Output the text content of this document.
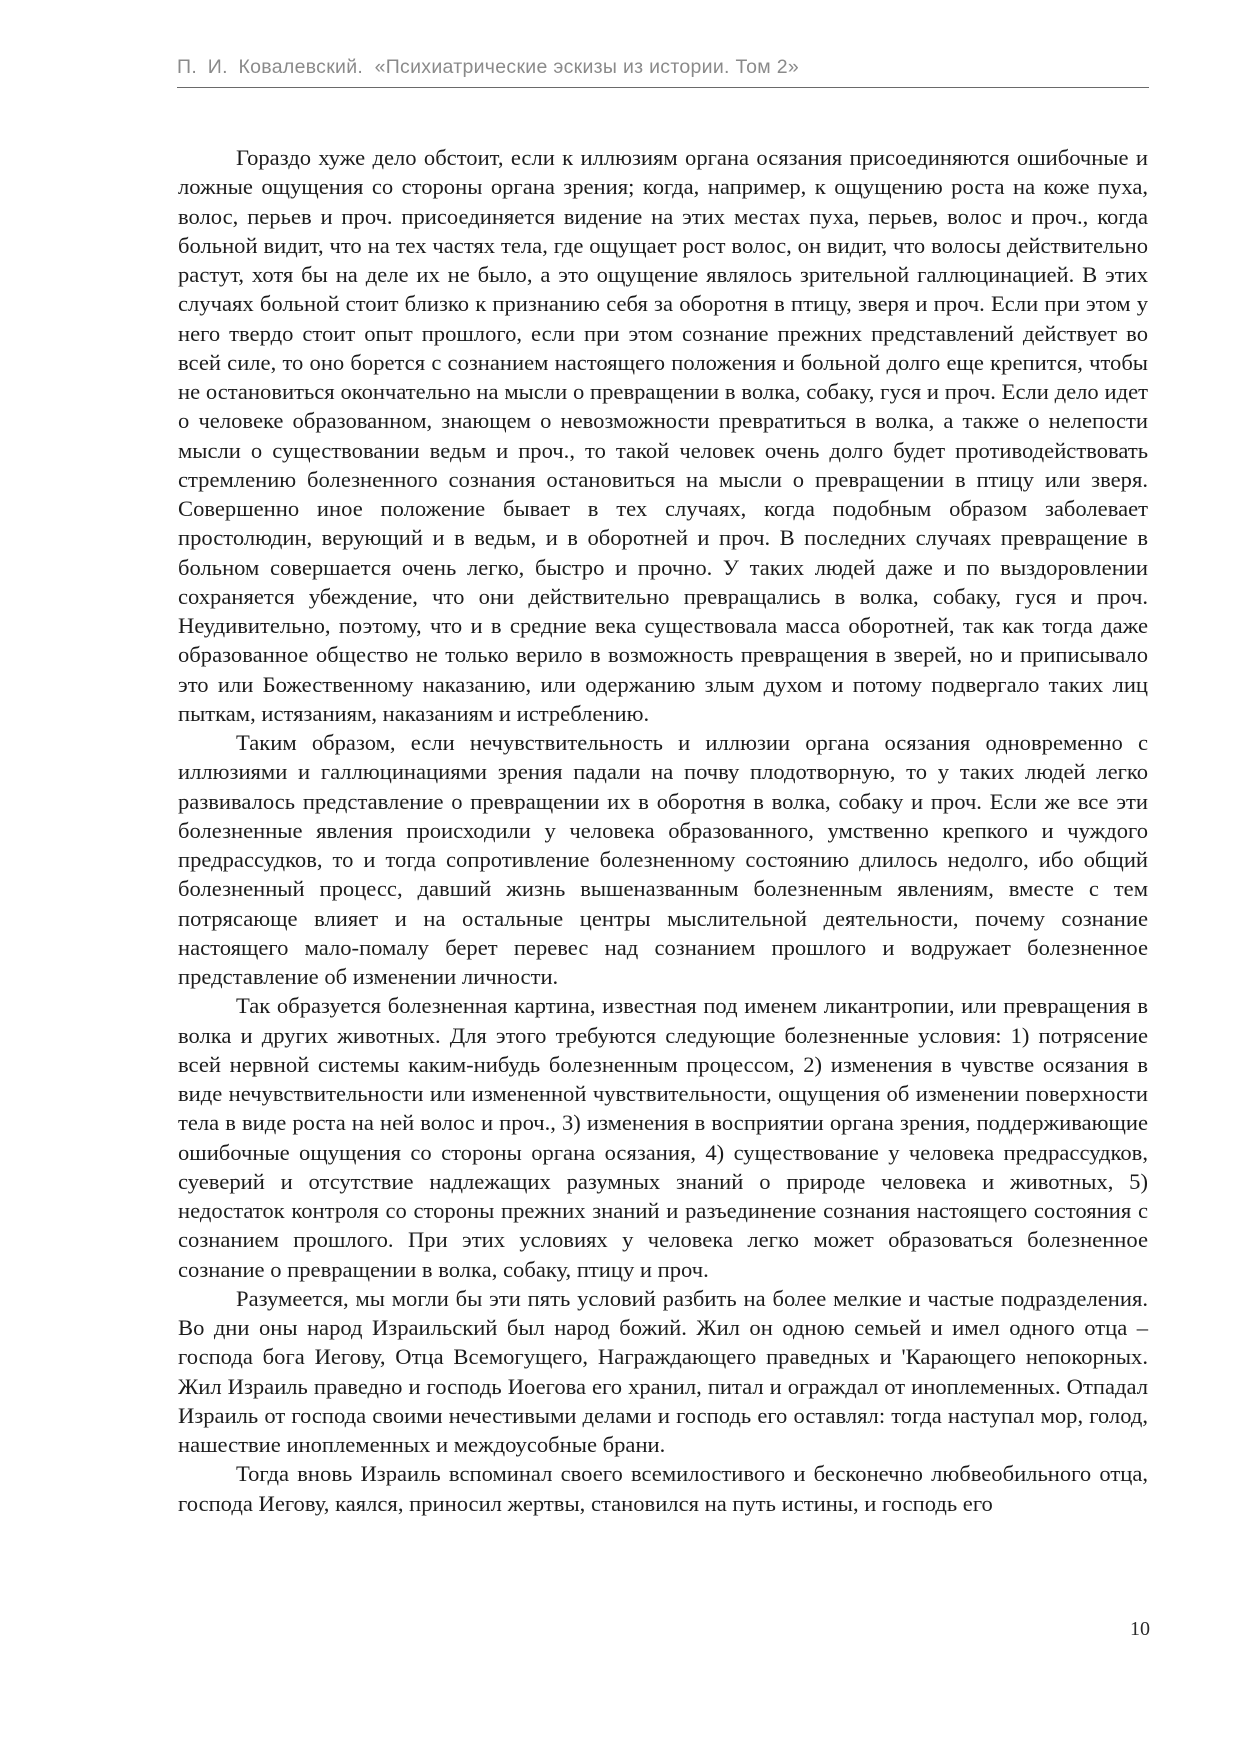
П. И. Ковалевский. «Психиатрические эскизы из истории. Том 2»

Гораздо хуже дело обстоит, если к иллюзиям органа осязания присоединяются ошибочные и ложные ощущения со стороны органа зрения; когда, например, к ощущению роста на коже пуха, волос, перьев и проч. присоединяется видение на этих местах пуха, перьев, волос и проч., когда больной видит, что на тех частях тела, где ощущает рост волос, он видит, что волосы действительно растут, хотя бы на деле их не было, а это ощущение являлось зрительной галлюцинацией. В этих случаях больной стоит близко к признанию себя за оборотня в птицу, зверя и проч. Если при этом у него твердо стоит опыт прошлого, если при этом сознание прежних представлений действует во всей силе, то оно борется с сознанием настоящего положения и больной долго еще крепится, чтобы не остановиться окончательно на мысли о превращении в волка, собаку, гуся и проч. Если дело идет о человеке образованном, знающем о невозможности превратиться в волка, а также о нелепости мысли о существовании ведьм и проч., то такой человек очень долго будет противодействовать стремлению болезненного сознания остановиться на мысли о превращении в птицу или зверя. Совершенно иное положение бывает в тех случаях, когда подобным образом заболевает простолюдин, верующий и в ведьм, и в оборотней и проч. В последних случаях превращение в больном совершается очень легко, быстро и прочно. У таких людей даже и по выздоровлении сохраняется убеждение, что они действительно превращались в волка, собаку, гуся и проч. Неудивительно, поэтому, что и в средние века существовала масса оборотней, так как тогда даже образованное общество не только верило в возможность превращения в зверей, но и приписывало это или Божественному наказанию, или одержанию злым духом и потому подвергало таких лиц пыткам, истязаниям, наказаниям и истреблению.

Таким образом, если нечувствительность и иллюзии органа осязания одновременно с иллюзиями и галлюцинациями зрения падали на почву плодотворную, то у таких людей легко развивалось представление о превращении их в оборотня в волка, собаку и проч. Если же все эти болезненные явления происходили у человека образованного, умственно крепкого и чуждого предрассудков, то и тогда сопротивление болезненному состоянию длилось недолго, ибо общий болезненный процесс, давший жизнь вышеназванным болезненным явлениям, вместе с тем потрясающе влияет и на остальные центры мыслительной деятельности, почему сознание настоящего мало-помалу берет перевес над сознанием прошлого и водружает болезненное представление об изменении личности.

Так образуется болезненная картина, известная под именем ликантропии, или превращения в волка и других животных. Для этого требуются следующие болезненные условия: 1) потрясение всей нервной системы каким-нибудь болезненным процессом, 2) изменения в чувстве осязания в виде нечувствительности или измененной чувствительности, ощущения об изменении поверхности тела в виде роста на ней волос и проч., 3) изменения в восприятии органа зрения, поддерживающие ошибочные ощущения со стороны органа осязания, 4) существование у человека предрассудков, суеверий и отсутствие надлежащих разумных знаний о природе человека и животных, 5) недостаток контроля со стороны прежних знаний и разъединение сознания настоящего состояния с сознанием прошлого. При этих условиях у человека легко может образоваться болезненное сознание о превращении в волка, собаку, птицу и проч.

Разумеется, мы могли бы эти пять условий разбить на более мелкие и частые подразделения. Во дни оны народ Израильский был народ божий. Жил он одною семьей и имел одного отца – господа бога Иегову, Отца Всемогущего, Награждающего праведных и 'Карающего непокорных. Жил Израиль праведно и господь Иоегова его хранил, питал и ограждал от иноплеменных. Отпадал Израиль от господа своими нечестивыми делами и господь его оставлял: тогда наступал мор, голод, нашествие иноплеменных и междоусобные брани.

Тогда вновь Израиль вспоминал своего всемилостивого и бесконечно любвеобильного отца, господа Иегову, каялся, приносил жертвы, становился на путь истины, и господь его

10
